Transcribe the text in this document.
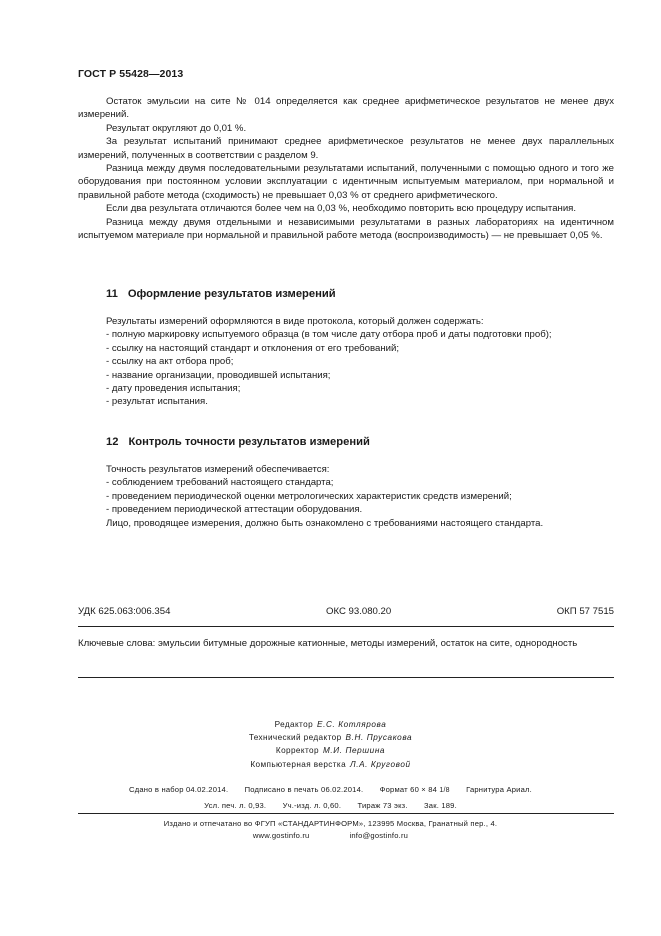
ГОСТ Р 55428—2013

Остаток эмульсии на сите № 014 определяется как среднее арифметическое результатов не менее двух измерений.

Результат округляют до 0,01 %.

За результат испытаний принимают среднее арифметическое результатов не менее двух параллельных измерений, полученных в соответствии с разделом 9.

Разница между двумя последовательными результатами испытаний, полученными с помощью одного и того же оборудования при постоянном условии эксплуатации с идентичным испытуемым материалом, при нормальной и правильной работе метода (сходимость) не превышает 0,03 % от среднего арифметического.

Если два результата отличаются более чем на 0,03 %, необходимо повторить всю процедуру испытания.

Разница между двумя отдельными и независимыми результатами в разных лабораториях на идентичном испытуемом материале при нормальной и правильной работе метода (воспроизводимость) — не превышает 0,05 %.

11 Оформление результатов измерений

Результаты измерений оформляются в виде протокола, который должен содержать:

- полную маркировку испытуемого образца (в том числе дату отбора проб и даты подготовки проб);

- ссылку на настоящий стандарт и отклонения от его требований;

- ссылку на акт отбора проб;

- название организации, проводившей испытания;

- дату проведения испытания;

- результат испытания.

12 Контроль точности результатов измерений

Точность результатов измерений обеспечивается:

- соблюдением требований настоящего стандарта;

- проведением периодической оценки метрологических характеристик средств измерений;

- проведением периодической аттестации оборудования.

Лицо, проводящее измерения, должно быть ознакомлено с требованиями настоящего стандарта.

УДК 625.063:006.354	ОКС 93.080.20	ОКП 57 7515
Ключевые слова: эмульсии битумные дорожные катионные, методы измерений, остаток на сите, однородность
Редактор Е.С. Котлярова
Технический редактор В.Н. Прусакова
Корректор М.И. Першина
Компьютерная верстка Л.А. Круговой
Сдано в набор 04.02.2014. Подписано в печать 06.02.2014. Формат 60 × 84 1/8 Гарнитура Ариал.
Усл. печ. л. 0,93. Уч.-изд. л. 0,60. Тираж 73 экз. Зак. 189.
Издано и отпечатано во ФГУП «СТАНДАРТИНФОРМ», 123995 Москва, Гранатный пер., 4.
www.gostinfo.ru	info@gostinfo.ru
